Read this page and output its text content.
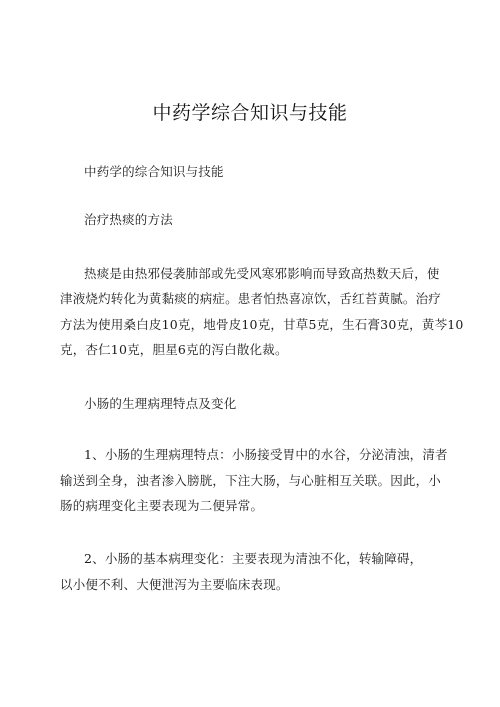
中药学综合知识与技能
中药学的综合知识与技能
治疗热痰的方法
热痰是由热邪侵袭肺部或先受风寒邪影响而导致高热数天后，使
津液烧灼转化为黄黏痰的病症。患者怕热喜凉饮，舌红苔黄腻。治疗
方法为使用桑白皮10克，地骨皮10克，甘草5克，生石膏30克，黄芩10
克，杏仁10克，胆星6克的泻白散化裁。
小肠的生理病理特点及变化
1、小肠的生理病理特点：小肠接受胃中的水谷，分泌清浊，清者
输送到全身，浊者渗入膀胱，下注大肠，与心脏相互关联。因此，小
肠的病理变化主要表现为二便异常。
2、小肠的基本病理变化：主要表现为清浊不化，转输障碍，
以小便不利、大便泄泻为主要临床表现。
